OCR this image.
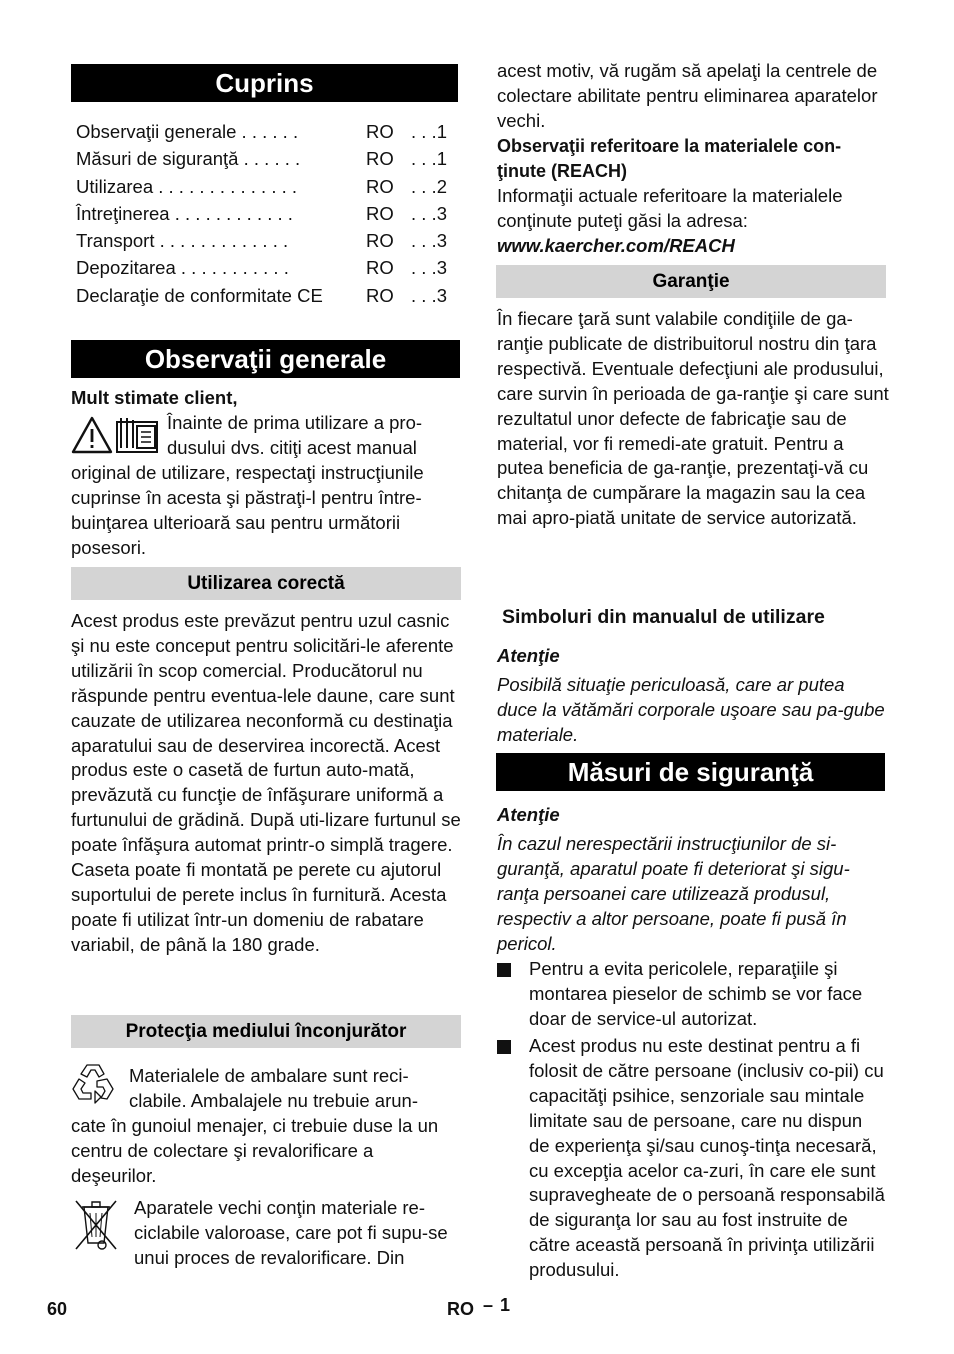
Cuprins
Observaţii generale . . . . . .	RO . . .1
Măsuri de siguranţă . . . . . .	RO . . .1
Utilizarea . . . . . . . . . . . . . .	RO . . .2
Întreţinerea . . . . . . . . . . . .	RO . . .3
Transport . . . . . . . . . . . . .	RO . . .3
Depozitarea . . . . . . . . . . .	RO . . .3
Declaraţie de conformitate CE RO . . .3
Observaţii generale

Mult stimate client,

Înainte de prima utilizare a pro-

dusului dvs. citiţi acest manual

original de utilizare, respectaţi instrucţiunile cuprinse în acesta şi păstraţi-l pentru între-buinţarea ulterioară sau pentru următorii posesori.

Utilizarea corectă

Acest produs este prevăzut pentru uzul casnic şi nu este conceput pentru solicitări-le aferente utilizării în scop comercial. Producătorul nu răspunde pentru eventua-lele daune, care sunt cauzate de utilizarea neconformă cu destinaţia aparatului sau de deservirea incorectă. Acest produs este o casetă de furtun auto-mată, prevăzută cu funcţie de înfăşurare uniformă a furtunului de grădină. După uti-lizare furtunul se poate înfăşura automat printr-o simplă tragere. Caseta poate fi montată pe perete cu ajutorul suportului de perete inclus în furnitură. Acesta poate fi utilizat într-un domeniu de rabatare variabil, de până la 180 grade.

Protecţia mediului înconjurător

Materialele de ambalare sunt reci-

clabile. Ambalajele nu trebuie arun-

cate în gunoiul menajer, ci trebuie duse la un centru de colectare şi revalorificare a deşeurilor.

Aparatele vechi conţin materiale re-ciclabile valoroase, care pot fi supu-se unui proces de revalorificare. Din

acest motiv, vă rugăm să apelaţi la centrele de colectare abilitate pentru eliminarea aparatelor vechi.

Observaţii referitoare la materialele con-ţinute (REACH)

Informaţii actuale referitoare la materialele conţinute puteţi găsi la adresa:

www.kaercher.com/REACH

Garanţie

În fiecare ţară sunt valabile condiţiile de ga-ranţie publicate de distribuitorul nostru din ţara respectivă. Eventuale defecţiuni ale produsului, care survin în perioada de ga-ranţie şi care sunt rezultatul unor defecte de fabricaţie sau de material, vor fi remedi-ate gratuit. Pentru a putea beneficia de ga-ranţie, prezentaţi-vă cu chitanţa de cumpărare la magazin sau la cea mai apro-piată unitate de service autorizată.

Simboluri din manualul de utilizare

Atenţie

Posibilă situaţie periculoasă, care ar putea duce la vătămări corporale uşoare sau pa-gube materiale.

Măsuri de siguranţă

Atenţie

În cazul nerespectării instrucţiunilor de si-guranţă, aparatul poate fi deteriorat şi sigu-ranţa persoanei care utilizează produsul, respectiv a altor persoane, poate fi pusă în pericol.

Pentru a evita pericolele, reparaţiile şi montarea pieselor de schimb se vor face doar de service-ul autorizat.

Acest produs nu este destinat pentru a fi folosit de către persoane (inclusiv co-pii) cu capacităţi psihice, senzoriale sau mintale limitate sau de persoane, care nu dispun de experienţa şi/sau cunoş-tinţa necesară, cu excepţia acelor ca-zuri, în care ele sunt supravegheate de o persoană responsabilă de siguranţa lor sau au fost instruite de către această persoană în privinţa utilizării produsului.

60	RO – 1
